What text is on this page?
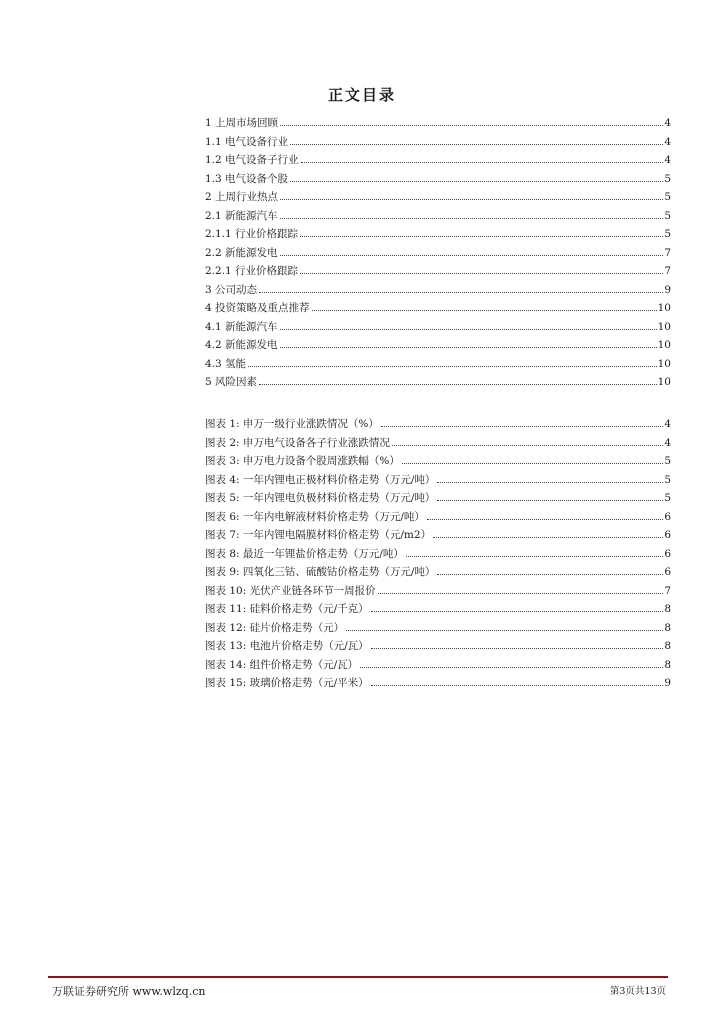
正文目录
1 上周市场回顾	4
1.1 电气设备行业	4
1.2 电气设备子行业	4
1.3 电气设备个股	5
2 上周行业热点	5
2.1 新能源汽车	5
2.1.1 行业价格跟踪	5
2.2 新能源发电	7
2.2.1 行业价格跟踪	7
3 公司动态	9
4 投资策略及重点推荐	10
4.1 新能源汽车	10
4.2 新能源发电	10
4.3 氢能	10
5 风险因素	10
图表 1: 申万一级行业涨跌情况（%）	4
图表 2: 申万电气设备各子行业涨跌情况	4
图表 3: 申万电力设备个股周涨跌幅（%）	5
图表 4: 一年内锂电正极材料价格走势（万元/吨）	5
图表 5: 一年内锂电负极材料价格走势（万元/吨）	5
图表 6: 一年内电解液材料价格走势（万元/吨）	6
图表 7: 一年内锂电隔膜材料价格走势（元/m2）	6
图表 8: 最近一年锂盐价格走势（万元/吨）	6
图表 9: 四氧化三钴、硫酸钴价格走势（万元/吨）	6
图表 10: 光伏产业链各环节一周报价	7
图表 11: 硅料价格走势（元/千克）	8
图表 12: 硅片价格走势（元）	8
图表 13: 电池片价格走势（元/瓦）	8
图表 14: 组件价格走势（元/瓦）	8
图表 15: 玻璃价格走势（元/平米）	9
万联证券研究所 www.wlzq.cn	第3页共13页
